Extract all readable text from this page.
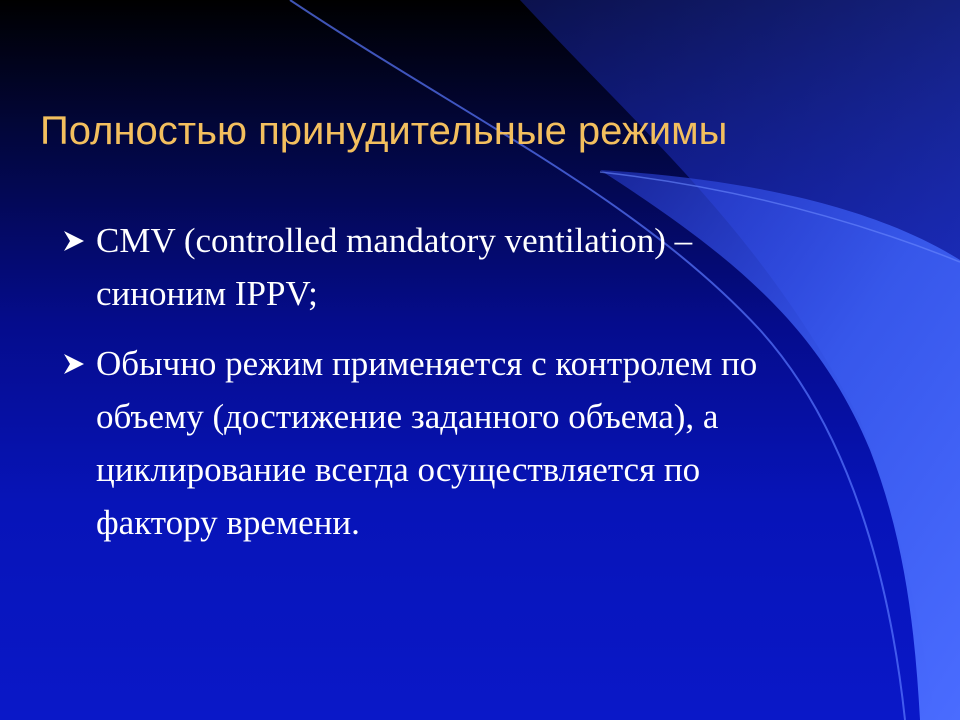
Полностью принудительные режимы
CMV (controlled mandatory ventilation) –
синоним IPPV;
Обычно режим применяется с контролем по
объему (достижение заданного объема), а
циклирование всегда осуществляется по
фактору времени.
